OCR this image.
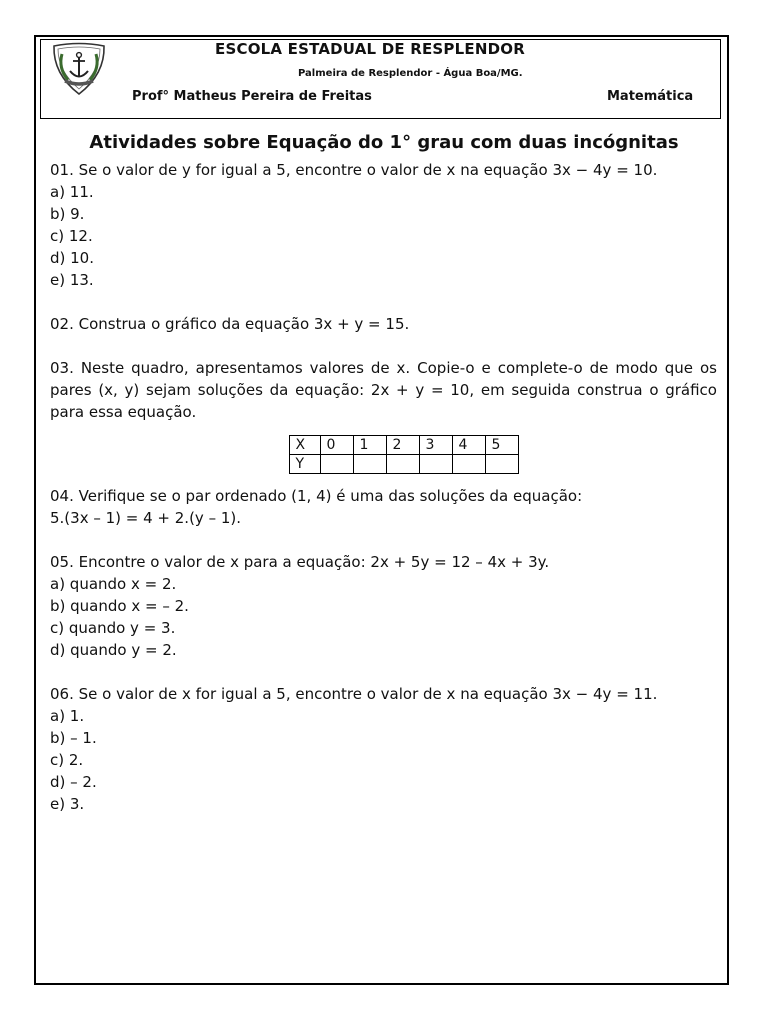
ESCOLA ESTADUAL DE RESPLENDOR
Palmeira de Resplendor - Água Boa/MG.
Prof° Matheus Pereira de Freitas	Matemática
Atividades sobre Equação do 1° grau com duas incógnitas

01. Se o valor de y for igual a 5, encontre o valor de x na equação 3x − 4y = 10.

a) 11.

b) 9.

c) 12.

d) 10.

e) 13.

02. Construa o gráfico da equação 3x + y = 15.

03. Neste quadro, apresentamos valores de x. Copie-o e complete-o de modo que os pares (x, y) sejam soluções da equação: 2x + y = 10, em seguida construa o gráfico para essa equação.

X	0	1	2	3	4	5
Y						

04. Verifique se o par ordenado (1, 4) é uma das soluções da equação:

5.(3x – 1) = 4 + 2.(y – 1).

05. Encontre o valor de x para a equação: 2x + 5y = 12 – 4x + 3y.

a) quando x = 2.

b) quando x = – 2.

c) quando y = 3.

d) quando y = 2.

06. Se o valor de x for igual a 5, encontre o valor de x na equação 3x − 4y = 11.

a) 1.

b) – 1.

c) 2.

d) – 2.

e) 3.
